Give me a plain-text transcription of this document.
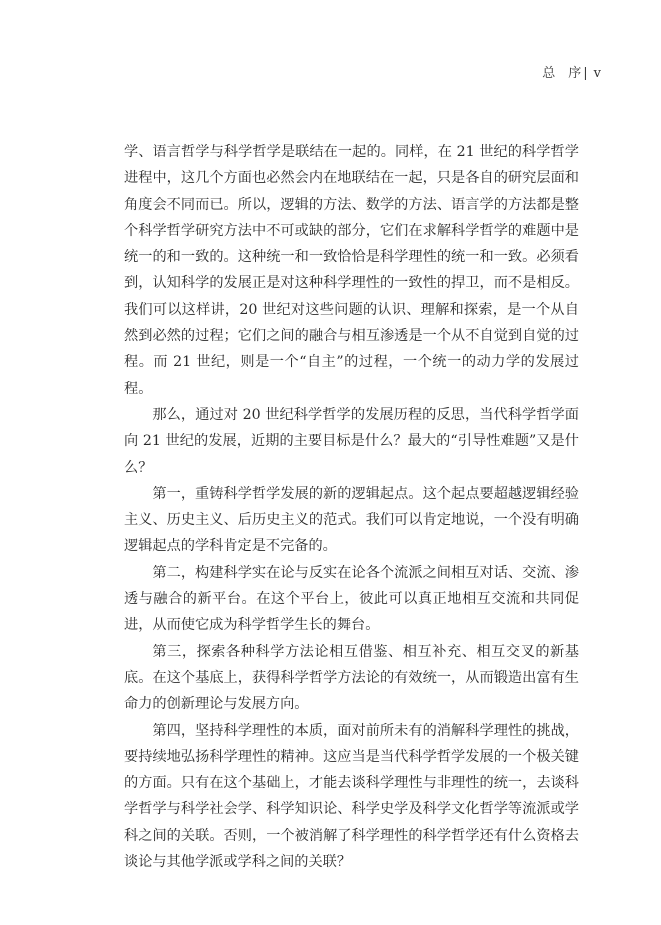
总　序 | v

学、语言哲学与科学哲学是联结在一起的。同样，在 21 世纪的科学哲学进程中，这几个方面也必然会内在地联结在一起，只是各自的研究层面和角度会不同而已。所以，逻辑的方法、数学的方法、语言学的方法都是整个科学哲学研究方法中不可或缺的部分，它们在求解科学哲学的难题中是统一的和一致的。这种统一和一致恰恰是科学理性的统一和一致。必须看到，认知科学的发展正是对这种科学理性的一致性的捍卫，而不是相反。我们可以这样讲，20 世纪对这些问题的认识、理解和探索，是一个从自然到必然的过程；它们之间的融合与相互渗透是一个从不自觉到自觉的过程。而 21 世纪，则是一个“自主”的过程，一个统一的动力学的发展过程。

那么，通过对 20 世纪科学哲学的发展历程的反思，当代科学哲学面向 21 世纪的发展，近期的主要目标是什么？最大的“引导性难题”又是什么？

第一，重铸科学哲学发展的新的逻辑起点。这个起点要超越逻辑经验主义、历史主义、后历史主义的范式。我们可以肯定地说，一个没有明确逻辑起点的学科肯定是不完备的。

第二，构建科学实在论与反实在论各个流派之间相互对话、交流、渗透与融合的新平台。在这个平台上，彼此可以真正地相互交流和共同促进，从而使它成为科学哲学生长的舞台。

第三，探索各种科学方法论相互借鉴、相互补充、相互交叉的新基底。在这个基底上，获得科学哲学方法论的有效统一，从而锻造出富有生命力的创新理论与发展方向。

第四，坚持科学理性的本质，面对前所未有的消解科学理性的挑战，要持续地弘扬科学理性的精神。这应当是当代科学哲学发展的一个极关键的方面。只有在这个基础上，才能去谈科学理性与非理性的统一，去谈科学哲学与科学社会学、科学知识论、科学史学及科学文化哲学等流派或学科之间的关联。否则，一个被消解了科学理性的科学哲学还有什么资格去谈论与其他学派或学科之间的关联？
